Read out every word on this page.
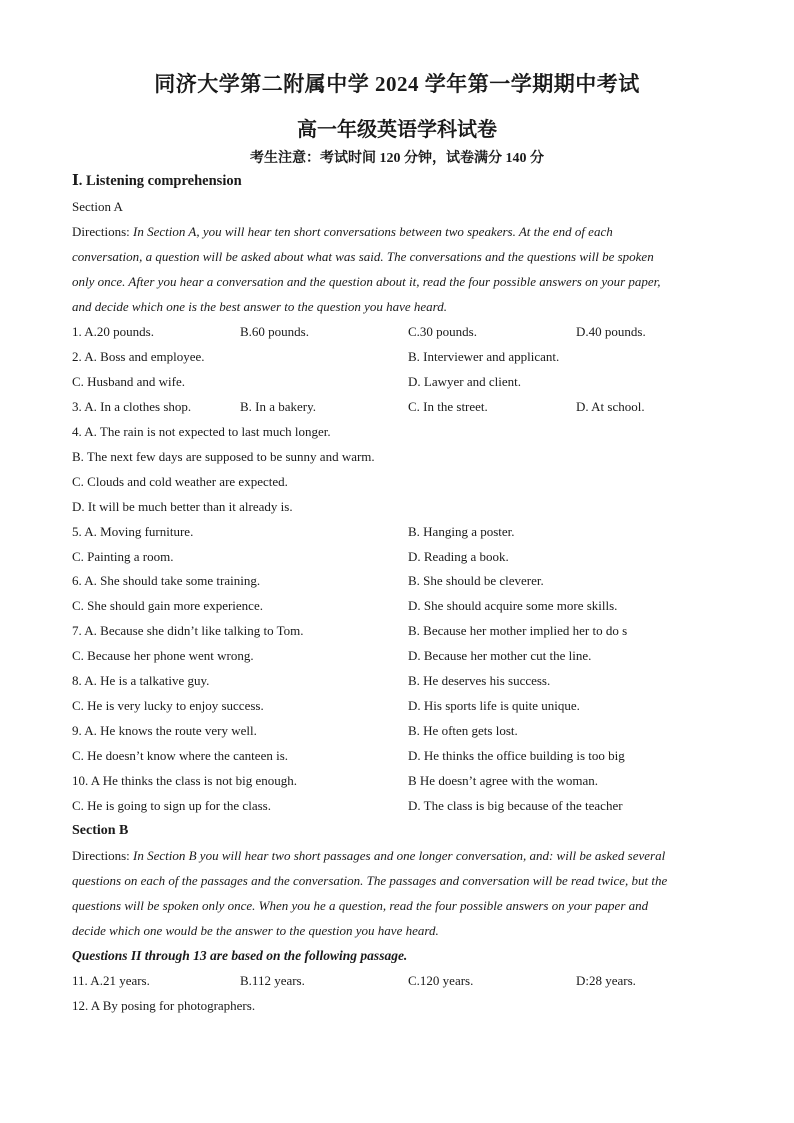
同济大学第二附属中学 2024 学年第一学期期中考试
高一年级英语学科试卷
考生注意：考试时间 120 分钟，试卷满分 140 分
Ⅰ. Listening comprehension
Section A
Directions: In Section A, you will hear ten short conversations between two speakers. At the end of each
conversation, a question will be asked about what was said. The conversations and the questions will be spoken
only once. After you hear a conversation and the question about it, read the four possible answers on your paper,
and decide which one is the best answer to the question you have heard.
1. A.20 pounds.	B.60 pounds.	C.30 pounds.	D.40 pounds.
2. A. Boss and employee.	B. Interviewer and applicant.
C. Husband and wife.	D. Lawyer and client.
3. A. In a clothes shop.	B. In a bakery.	C. In the street.	D. At school.
4. A. The rain is not expected to last much longer.
B. The next few days are supposed to be sunny and warm.
C. Clouds and cold weather are expected.
D. It will be much better than it already is.
5. A. Moving furniture.	B. Hanging a poster.
C. Painting a room.	D. Reading a book.
6. A. She should take some training.	B. She should be cleverer.
C. She should gain more experience.	D. She should acquire some more skills.
7. A. Because she didn’t like talking to Tom.	B. Because her mother implied her to do s
C. Because her phone went wrong.	D. Because her mother cut the line.
8. A. He is a talkative guy.	B. He deserves his success.
C. He is very lucky to enjoy success.	D. His sports life is quite unique.
9. A. He knows the route very well.	B. He often gets lost.
C. He doesn’t know where the canteen is.	D. He thinks the office building is too big
10. A He thinks the class is not big enough.	B He doesn’t agree with the woman.
C. He is going to sign up for the class.	D. The class is big because of the teacher
Section B
Directions: In Section B you will hear two short passages and one longer conversation, and: will be asked several
questions on each of the passages and the conversation. The passages and conversation will be read twice, but the
questions will be spoken only once. When you he a question, read the four possible answers on your paper and
decide which one would be the answer to the question you have heard.
Questions II through 13 are based on the following passage.
11. A.21 years.	B.112 years.	C.120 years.	D:28 years.
12. A By posing for photographers.
